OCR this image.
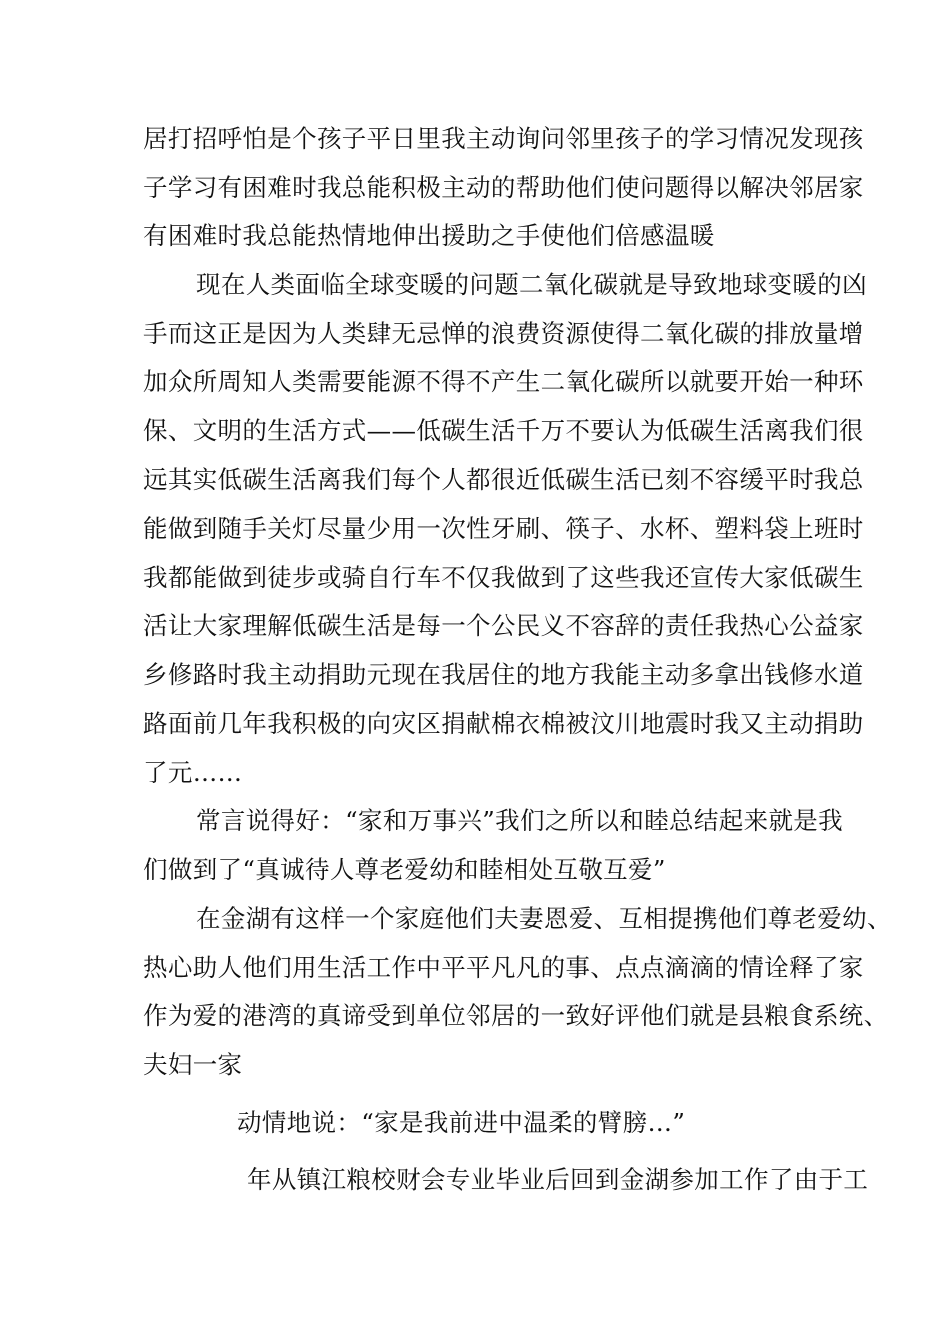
居打招呼怕是个孩子平日里我主动询问邻里孩子的学习情况发现孩
子学习有困难时我总能积极主动的帮助他们使问题得以解决邻居家
有困难时我总能热情地伸出援助之手使他们倍感温暖
现在人类面临全球变暖的问题二氧化碳就是导致地球变暖的凶
手而这正是因为人类肆无忌惮的浪费资源使得二氧化碳的排放量增
加众所周知人类需要能源不得不产生二氧化碳所以就要开始一种环
保、文明的生活方式——低碳生活千万不要认为低碳生活离我们很
远其实低碳生活离我们每个人都很近低碳生活已刻不容缓平时我总
能做到随手关灯尽量少用一次性牙刷、筷子、水杯、塑料袋上班时
我都能做到徒步或骑自行车不仅我做到了这些我还宣传大家低碳生
活让大家理解低碳生活是每一个公民义不容辞的责任我热心公益家
乡修路时我主动捐助元现在我居住的地方我能主动多拿出钱修水道
路面前几年我积极的向灾区捐献棉衣棉被汶川地震时我又主动捐助
了元……
常言说得好：“家和万事兴”我们之所以和睦总结起来就是我
们做到了“真诚待人尊老爱幼和睦相处互敬互爱”
在金湖有这样一个家庭他们夫妻恩爱、互相提携他们尊老爱幼、
热心助人他们用生活工作中平平凡凡的事、点点滴滴的情诠释了家
作为爱的港湾的真谛受到单位邻居的一致好评他们就是县粮食系统、
夫妇一家
动情地说：“家是我前进中温柔的臂膀…”
年从镇江粮校财会专业毕业后回到金湖参加工作了由于工
